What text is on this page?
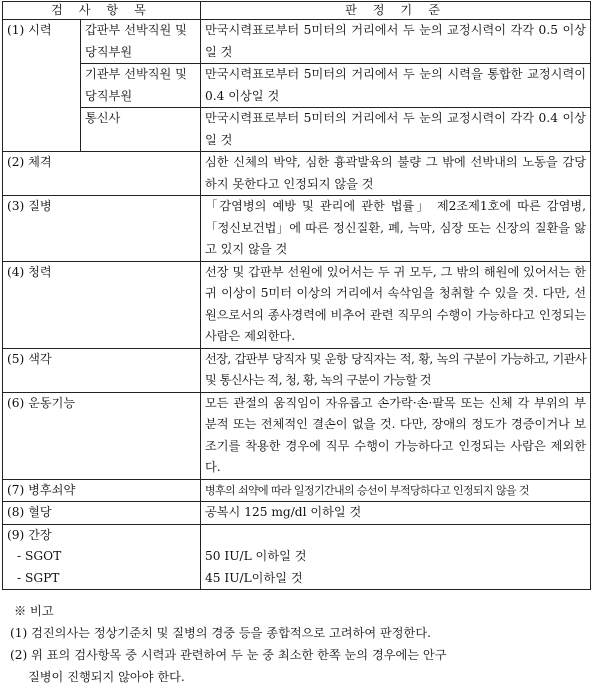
검 사 항 목		판 정 기 준
(1) 시력	갑판부 선박직원 및 당직부원	만국시력표로부터 5미터의 거리에서 두 눈의 교정시력이 각각 0.5 이상일 것
	기관부 선박직원 및 당직부원	만국시력표로부터 5미터의 거리에서 두 눈의 시력을 통합한 교정시력이 0.4 이상일 것
	통신사	만국시력표로부터 5미터의 거리에서 두 눈의 교정시력이 각각 0.4 이상일 것
(2) 체격		심한 신체의 박약, 심한 흉곽발육의 불량 그 밖에 선박내의 노동을 감당하지 못한다고 인정되지 않을 것
(3) 질병		「감염병의 예방 및 관리에 관한 법률」 제2조제1호에 따른 감염병, 「정신보건법」에 따른 정신질환, 폐, 늑막, 심장 또는 신장의 질환을 앓고 있지 않을 것
(4) 청력		선장 및 갑판부 선원에 있어서는 두 귀 모두, 그 밖의 해원에 있어서는 한 귀 이상이 5미터 이상의 거리에서 속삭임을 청취할 수 있을 것. 다만, 선원으로서의 종사경력에 비추어 관련 직무의 수행이 가능하다고 인정되는 사람은 제외한다.
(5) 색각		선장, 갑판부 당직자 및 운항 당직자는 적, 황, 녹의 구분이 가능하고, 기관사 및 통신사는 적, 청, 황, 녹의 구분이 가능할 것
(6) 운동기능		모든 관절의 움직임이 자유롭고 손가락·손·팔목 또는 신체 각 부위의 부분적 또는 전체적인 결손이 없을 것. 다만, 장애의 정도가 경증이거나 보조기를 착용한 경우에 직무 수행이 가능하다고 인정되는 사람은 제외한다.
(7) 병후쇠약		병후의 쇠약에 따라 일정기간내의 승선이 부적당하다고 인정되지 않을 것
(8) 혈당		공복시 125 mg/dl 이하일 것
(9) 간장		
- SGOT		50 IU/L 이하일 것
- SGPT		45 IU/L이하일 것
※ 비고
(1) 검진의사는 정상기준치 및 질병의 경중 등을 종합적으로 고려하여 판정한다.
(2) 위 표의 검사항목 중 시력과 관련하여 두 눈 중 최소한 한쪽 눈의 경우에는 안구
질병이 진행되지 않아야 한다.
